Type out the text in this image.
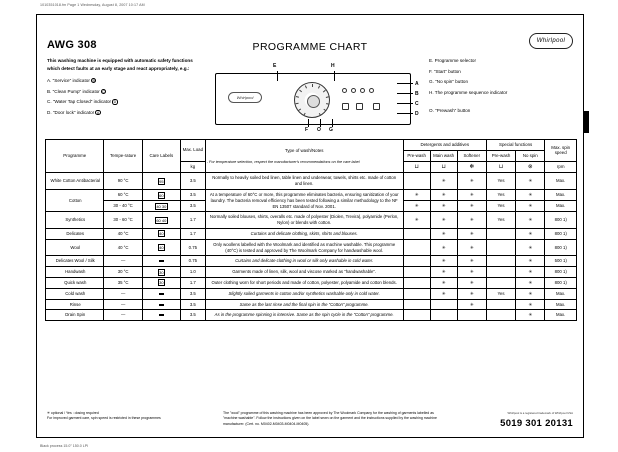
1010351018.fm Page 1 Wednesday, August 8, 2007 10:17 AM
Black process 15.0° 150.0 LPI
AWG 308	PROGRAMME CHART	Whirlpool
This washing machine is equipped with automatic safety functions which detect faults at an early stage and react appropriately, e.g.:
A. "Service" indicator B
B. "Clean Pump" indicator C
C. "Water Tap Closed" indicator D
D. "Door lock" indicator A
E. Programme selector
F. "Start" button
G. "No spin" button
H. The programme sequence indicator
O. "Prewash" button
Whirlpool
E	H
A
B
C
D
F O G
Programme	Tempe-rature	Care Labels	Max. Load	Type of wash/Notes
- For temperature selection, respect the manufacturer's recommendations on the care label	Detergents and additives			Special functions		Max. spin speed
					Pre-wash	Main wash	Softener	Pre-wash	No spin	
			kg		⊔	⊔	✻	⊔	⊗	rpm
White Cotton Antibacterial	90 °C	95	3.5	Normally to heavily soiled bed linen, table linen and underwear, towels, shirts etc. made of cotton and linen.		✳	✳	Yes	✳	Max.
Cotton	60 °C	60	3.5	At a temperature of 60°C or more, this programme eliminates bacteria, ensuring sanitization of your laundry. The bacteria removal efficiency has been tested following a similar methodology to the NF EN 13507 standard of Nov. 2001.	✳	✳	✳	Yes	✳	Max.
	30 - 40 °C	40 30	3.5		✳	✳	✳	Yes	✳	Max.
Synthetics	30 - 60 °C	60 40	1.7	Normally soiled blouses, shirts, overalls etc. made of polyester (Diolen, Trevira), polyamide (Perlon, Nylon) or blends with cotton.	✳	✳	✳	Yes	✳	800 1)
Delicates	40 °C	40	1.7	Curtains and delicate clothing, skirts, shirts and blouses.		✳	✳		✳	800 1)
Wool	40 °C	40	0.75	Only woollens labelled with the Woolmark and identified as machine washable. This programme (40°C) is tested and approved by The Woolmark Company for handwashable wool.		✳	✳		✳	800 1)
Delicates Wool / Silk	—		0.75	Curtains and delicate clothing in wool or silk only washable in cold water.		✳	✳		✳	500 1)
Handwash	30 °C	30	1.0	Garments made of linen, silk, wool and viscose marked as "handwashable".		✳	✳		✳	800 1)
Quick wash	35 °C	30	1.7	Outer clothing worn for short periods and made of cotton, polyester, polyamide and cotton blends.		✳	✳		✳	800 1)
Cold wash	—		3.5	Slightly soiled garments in cotton and/or synthetics washable only in cold water.		✳	✳	Yes	✳	Max.
Rinse	—		3.5	Same as the last rinse and the final spin in the "Cotton" programme.			✳		✳	Max.
Drain Spin	—		3.5	As in the programme spinning is intensive. Same as the spin cycle in the "Cotton" programme.					✳	Max.
✳ optional / Yes : dosing required
For improved garment care, spin speed is restricted in these programmes
The "wool" programme of this washing machine has been approved by The Woolmark Company for the washing of garments labelled as "machine washable". Follow the instructions given on the label sewn on the garment and the instructions supplied by the washing machine manufacturer. (Cert. no. M0402-M0403-M0404-M0405).
Whirlpool is a registered trademark of Whirlpool USA
5019 301 20131
